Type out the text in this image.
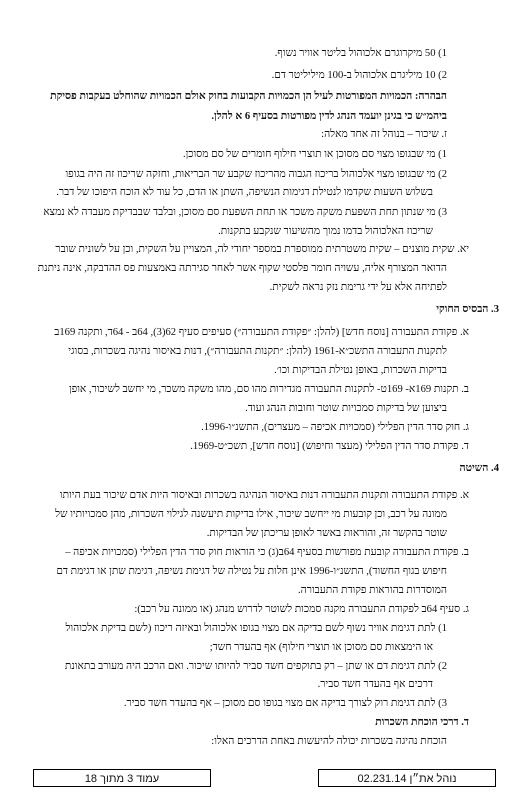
1) 50 מיקרוגרם אלכוהול בליטר אוויר נשוף.
2) 10 מיליגרם אלכוהול ב-100 מיליליטר דם.
הבהרה: הכמויות המפורטות לעיל הן הכמויות הקבועות בחוק אולם הכמויות שהוחלט בעקבות פסיקת
ביהמ״ש כי בגינן יועמד הנהג לדין מפורטות בסעיף 6 א להלן.
ז. שיכור – בנוהל זה אחד מאלה:
1) מי שבגופו מצוי סם מסוכן או תוצרי חילוף חומרים של סם מסוכן.
2) מי שבגופו מצוי אלכוהול בריכוז הגבוה מהריכוז שקבע שר הבריאות, וחזקה שריכוז זה היה בגופו
בשלוש השעות שקדמו לנטילת דגימות הנשיפה, השתן או הדם, כל עוד לא הוכח היפוכו של דבר.
3) מי שנתון תחת השפעת משקה משכר או תחת השפעת סם מסוכן, ובלבד שבבדיקת מעבדה לא נמצא
שריכוז האלכוהול בדמו נמוך מהשיעור שנקבע בתקנות.
יא. שקית מוצנים – שקית משטרתית ממוספרת במספר יחודי לה, המצויין על השקית, וכן על לשונית שובר
הדואר המצורף אליה, עשויה חומר פלסטי שקוף אשר לאחר סגירתה באמצעות פס ההדבקה, אינה ניתנת
לפתיחה אלא על ידי גרימת נזק נראה לשקית.
3. הבסיס החוקי
א. פקודת התעבורה [נוסח חדש] (להלן: ״פקודת התעבורה״) סעיפים סעיף 62(3), 64ב - 64ד, ותקנה 169ב
לתקנות התעבורה התשכ״א-1961 (להלן: ״תקנות התעבורה״), דנות באיסור נהיגה בשכרות, בסוגי
בדיקות השכרות, באופן נטילת הבדיקות וכו׳.
ב. תקנות 169א- 169ט- לתקנות התעבורה מגדירות מהו סם, מהו משקה משכר, מי יחשב לשיכור, אופן
ביצוען של בדיקות סמכויות שוטר וחובות הנהג ועוד.
ג. חוק סדר הדין הפלילי (סמכויות אכיפה – מעצרים), התשנ״ו-1996.
ד. פקודת סדר הדין הפלילי (מעצר וחיפוש) [נוסח חדש], תשכ״ט-1969.
4. השיטה
א. פקודת התעבורה ותקנות התעבורה דנות באיסור הנהיגה בשכרות ובאיסור היות אדם שיכור בעת היותו
ממונה על רכב, וכן קובעות מי ייחשב שיכור, אילו בדיקות תיעשנה לגילוי השכרות, מהן סמכויותיו של
שוטר בהקשר זה, והוראות באשר לאופן עריכתן של הבדיקות.
ב. פקודת התעבורה קובעת מפורשות בסעיף 64ב(ג) כי הוראות חוק סדר הדין הפלילי (סמכויות אכיפה –
חיפוש בגוף החשוד), התשנ״ו-1996 אינן חלות על נטילה של דגימת נשיפה, דגימת שתן או דגימת דם
המוסדרות בהוראות פקודת התעבורה.
ג. סעיף 64ב לפקודת התעבורה מקנה סמכות לשוטר לדרוש מנהג (או ממונה על רכב):
1) לתת דגימת אוויר נשוף לשם בדיקה אם מצוי בגופו אלכוהול ובאיזה ריכוז (לשם בדיקת אלכוהול
או הימצאות סם מסוכן או תוצרי חילוף) אף בהעדר חשד;
2) לתת דגימת דם או שתן – רק בתוקפים חשד סביר להיותו שיכור. ואם הרכב היה מעורב בתאונת
דרכים אף בהעדר חשד סביר.
3) לתת דגימת רוק לצורך בדיקה אם מצוי בגופו סם מסוכן – אף בהעדר חשד סביר.
ד. דרכי הוכחת השכרות
הוכחת נהיגה בשכרות יכולה להיעשות באחת הדרכים האלו:
נוהל את״ן 02.231.14
עמוד 3 מתוך 18
